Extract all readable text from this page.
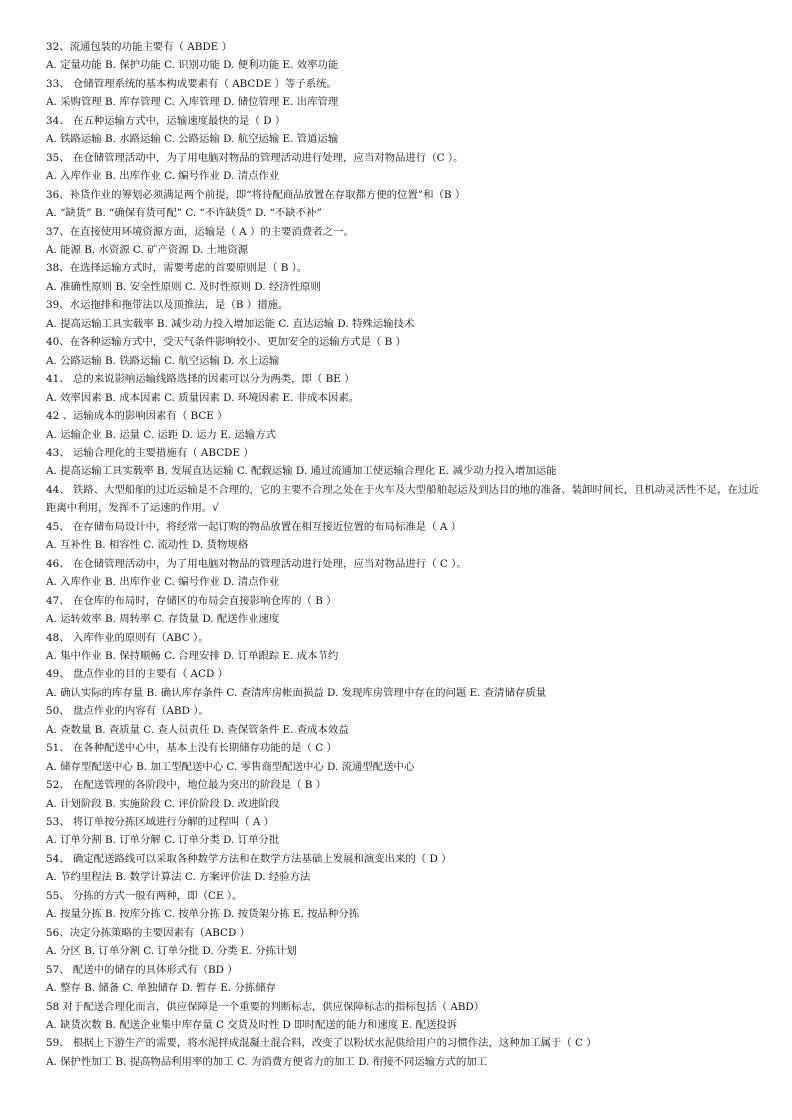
32、流通包装的功能主要有（ ABDE ）
A. 定量功能 B. 保护功能 C. 识别功能 D. 便利功能 E. 效率功能
33、 仓储管理系统的基本构成要素有（ ABCDE ）等子系统。
A. 采购管理 B. 库存管理 C. 入库管理 D. 储位管理 E. 出库管理
34、 在五种运输方式中，运输速度最快的是（ D ）
A. 铁路运输 B. 水路运输 C. 公路运输 D. 航空运输 E. 管道运输
35、 在仓储管理活动中，为了用电脑对物品的管理活动进行处理，应当对物品进行（C ）。
A. 入库作业 B. 出库作业 C. 编号作业 D. 清点作业
36、补货作业的筹划必须满足两个前提，即“将待配商品放置在存取都方便的位置”和（B ）
A. “缺货” B. “确保有货可配” C. “不许缺货” D. “不缺不补”
37、在直接使用环境资源方面，运输是（ A ）的主要消费者之一。
A. 能源 B. 水资源 C. 矿产资源 D. 土地资源
38、在选择运输方式时，需要考虑的首要原则是（ B ）。
A. 准确性原则 B. 安全性原则 C. 及时性原则 D. 经济性原则
39、水运拖排和拖带法以及顶推法，是（B ）措施。
A. 提高运输工具实载率 B. 减少动力投入增加运能 C. 直达运输 D. 特殊运输技术
40、在各种运输方式中，受天气条件影响较小、更加安全的运输方式是（ B ）
A. 公路运输 B. 铁路运输 C. 航空运输 D. 水上运输
41、 总的来说影响运输线路选择的因素可以分为两类，即（ BE ）
A. 效率因素 B. 成本因素 C. 质量因素 D. 环境因素 E. 非成本因素。
42 、运输成本的影响因素有（ BCE ）
A. 运输企业 B. 运量 C. 运距 D. 运力 E. 运输方式
43、 运输合理化的主要措施有（ ABCDE ）
A. 提高运输工具实载率 B. 发展直达运输 C. 配载运输 D. 通过流通加工使运输合理化 E. 减少动力投入增加运能
44、 铁路、大型船舶的过近运输是不合理的，它的主要不合理之处在于火车及大型船舶起运及到达目的地的准备、装卸时间长，且机动灵活性不足，在过近距离中利用，发挥不了运速的作用。√
45、 在存储布局设计中，将经常一起订购的物品放置在相互接近位置的布局标准是（ A ）
A. 互补性 B. 相容性 C. 流动性 D. 货物规格
46、 在仓储管理活动中，为了用电脑对物品的管理活动进行处理，应当对物品进行（ C ）。
A. 入库作业 B. 出库作业 C. 编号作业 D. 清点作业
47、 在仓库的布局时，存储区的布局会直接影响仓库的（ B ）
A. 运转效率 B. 周转率 C. 存货量 D. 配送作业速度
48、 入库作业的原则有（ABC ）。
A. 集中作业 B. 保持顺畅 C. 合理安排 D. 订单跟踪 E. 成本节约
49、 盘点作业的目的主要有（ ACD ）
A. 确认实际的库存量 B. 确认库存条件 C. 查清库房帐面损益 D. 发现库房管理中存在的问题 E. 查清储存质量
50、 盘点作业的内容有（ABD ）。
A. 查数量 B. 查质量 C. 查人员责任 D. 查保管条件 E. 查成本效益
51、 在各种配送中心中，基本上没有长期储存功能的是（ C ）
A. 储存型配送中心 B. 加工型配送中心 C. 零售商型配送中心 D. 流通型配送中心
52、 在配送管理的各阶段中，地位最为突出的阶段是（ B ）
A. 计划阶段 B. 实施阶段 C. 评价阶段 D. 改进阶段
53、 将订单按分拣区域进行分解的过程叫（ A ）
A. 订单分割 B. 订单分解 C. 订单分类 D. 订单分批
54、 确定配送路线可以采取各种数学方法和在数学方法基础上发展和演变出来的（ D ）
A. 节约里程法 B. 数学计算法 C. 方案评价法 D. 经验方法
55、 分拣的方式一般有两种，即（CE ）。
A. 按量分拣 B. 按库分拣 C. 按单分拣 D. 按货架分拣 E. 按品种分拣
56、决定分拣策略的主要因素有（ABCD ）
A. 分区 B. 订单分割 C. 订单分批 D. 分类 E. 分拣计划
57、 配送中的储存的具体形式有（BD ）
A. 整存 B. 储备 C. 单独储存 D. 暂存 E. 分拣储存
58 对于配送合理化而言，供应保障是一个重要的判断标志，供应保障标志的指标包括（ ABD）
A. 缺货次数 B. 配送企业集中库存量 C 交货及时性 D 即时配送的能力和速度 E. 配送投诉
59、 根据上下游生产的需要，将水泥拌成混凝土混合料，改变了以粉状水泥供给用户的习惯作法，这种加工属于（ C ）
A. 保护性加工 B. 提高物品利用率的加工 C. 为消费方便省力的加工 D. 衔接不同运输方式的加工
